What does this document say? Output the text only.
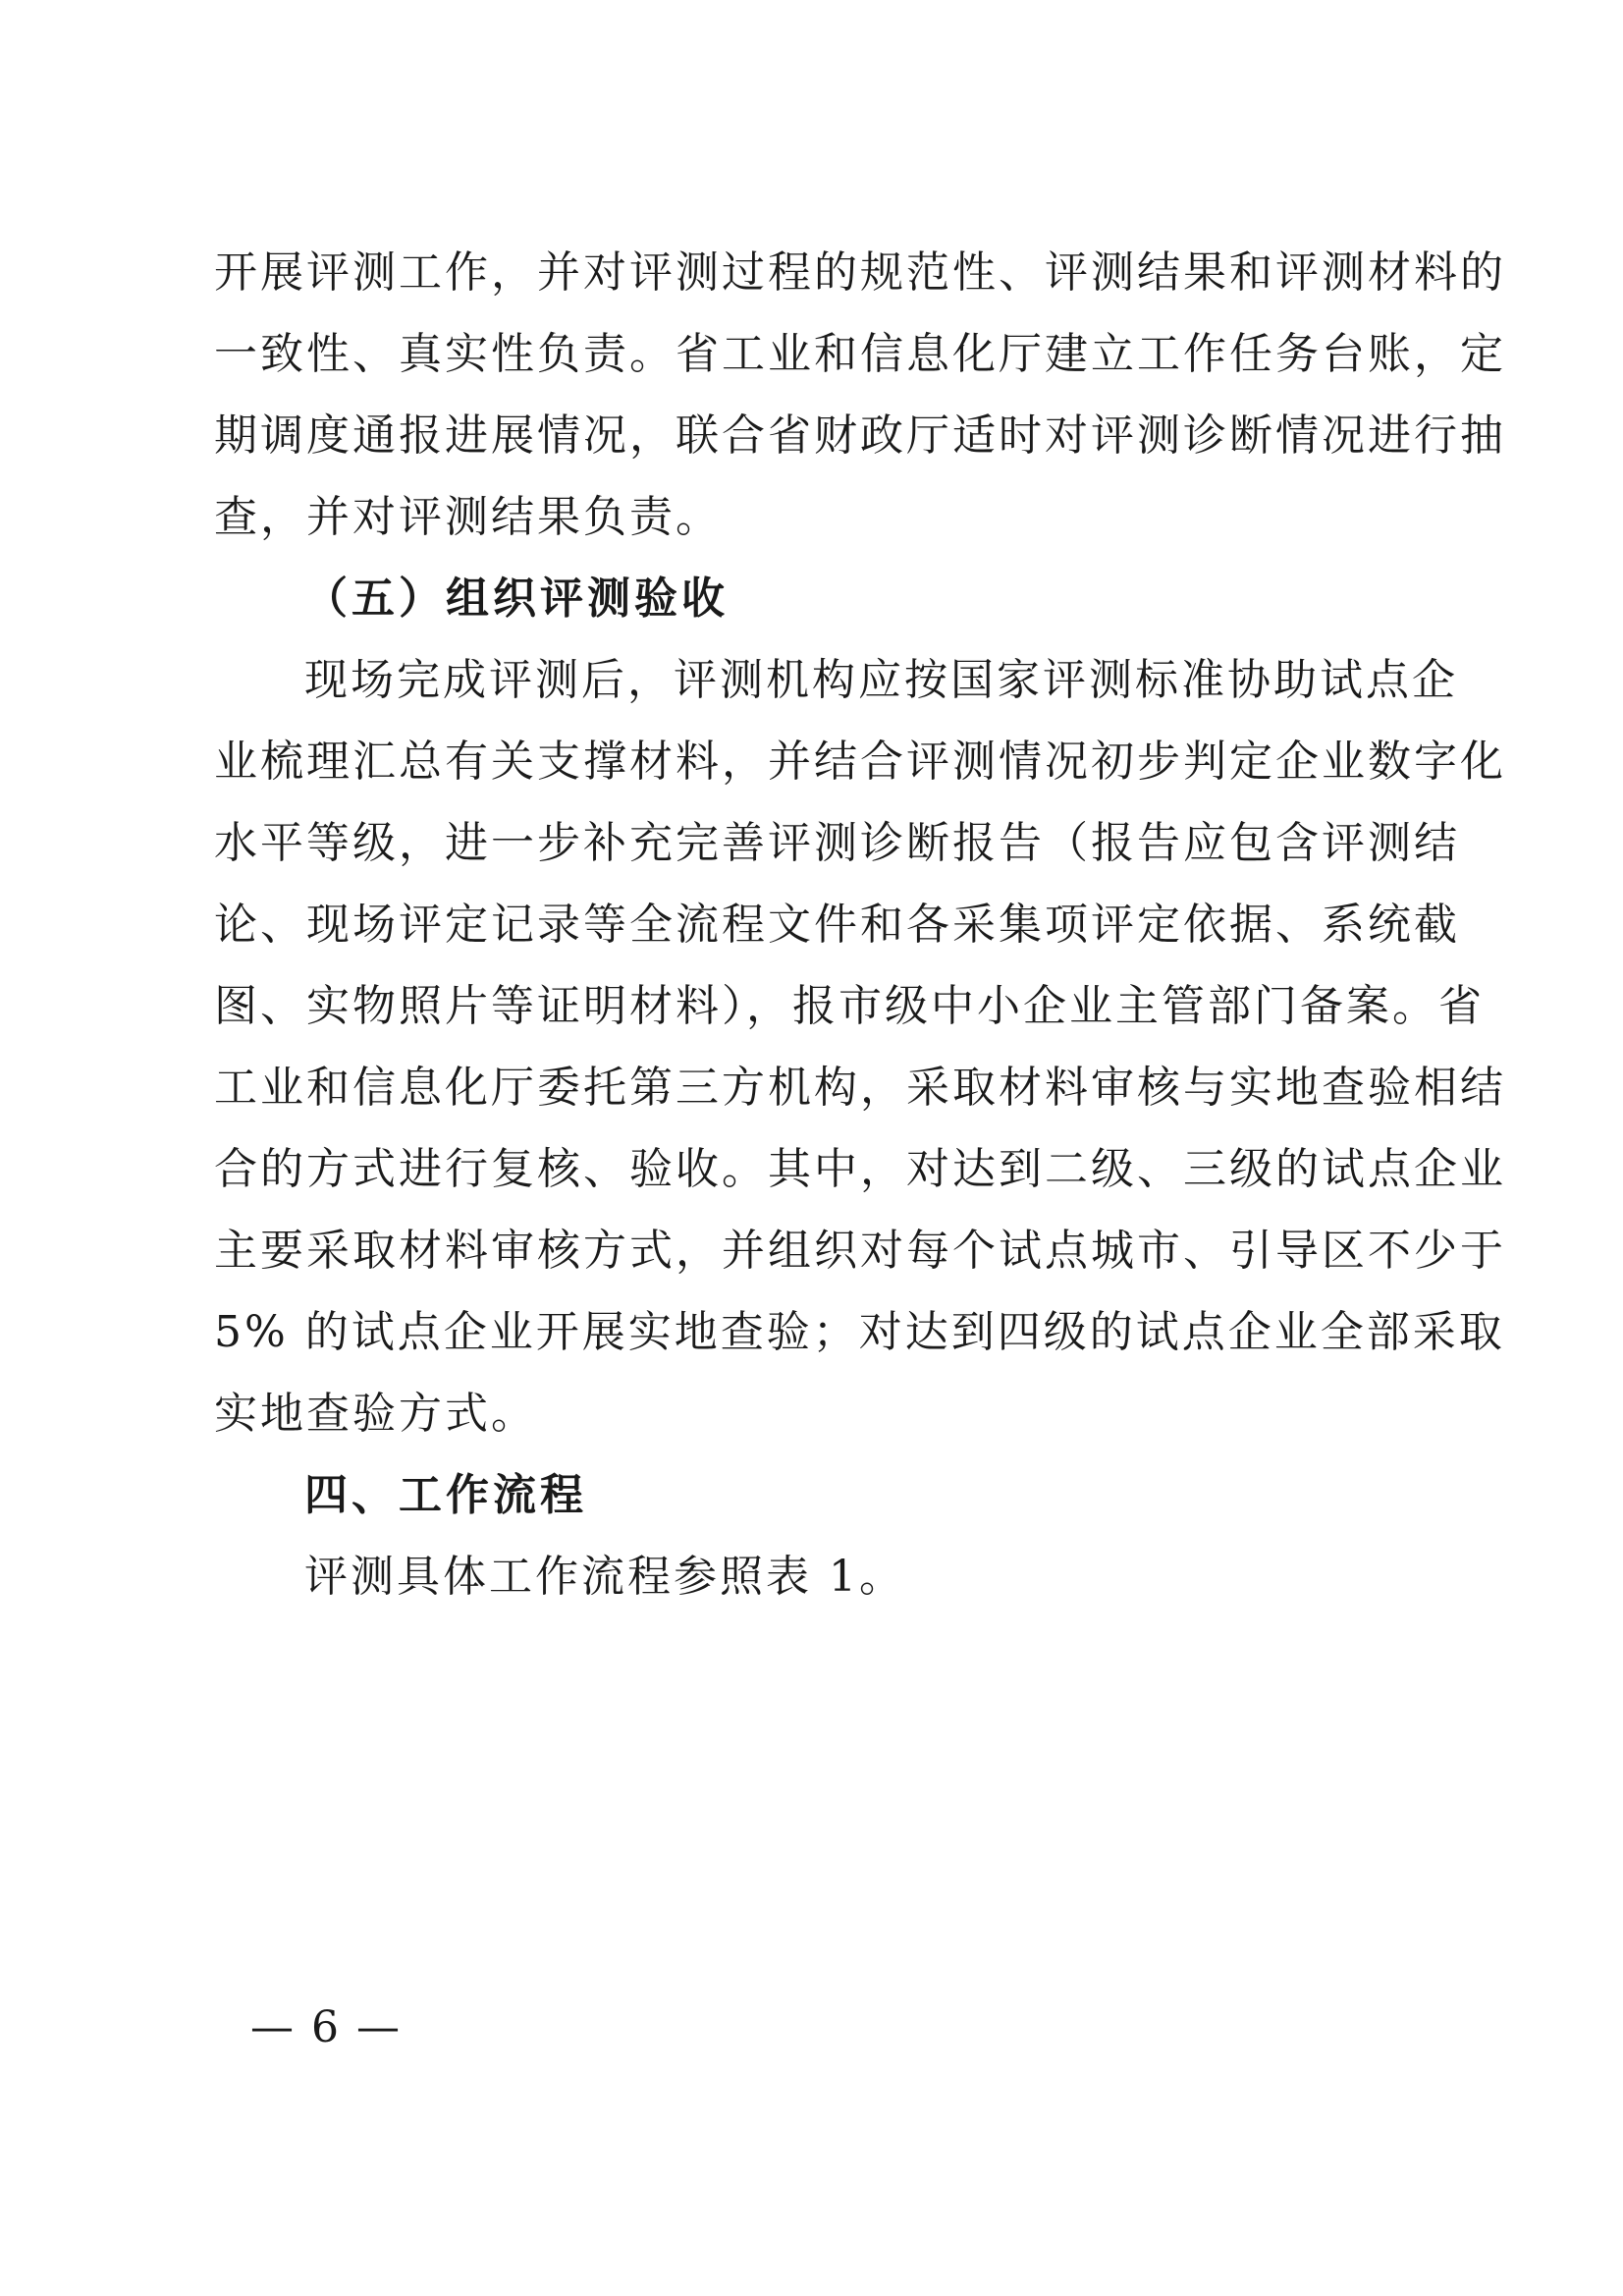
开展评测工作，并对评测过程的规范性、评测结果和评测材料的

一致性、真实性负责。省工业和信息化厅建立工作任务台账，定

期调度通报进展情况，联合省财政厅适时对评测诊断情况进行抽

查，并对评测结果负责。

（五）组织评测验收

现场完成评测后，评测机构应按国家评测标准协助试点企

业梳理汇总有关支撑材料，并结合评测情况初步判定企业数字化

水平等级，进一步补充完善评测诊断报告（报告应包含评测结

论、现场评定记录等全流程文件和各采集项评定依据、系统截

图、实物照片等证明材料），报市级中小企业主管部门备案。省

工业和信息化厅委托第三方机构，采取材料审核与实地查验相结

合的方式进行复核、验收。其中，对达到二级、三级的试点企业

主要采取材料审核方式，并组织对每个试点城市、引导区不少于

5% 的试点企业开展实地查验；对达到四级的试点企业全部采取

实地查验方式。

四、工作流程

评测具体工作流程参照表 1。

— 6 —
